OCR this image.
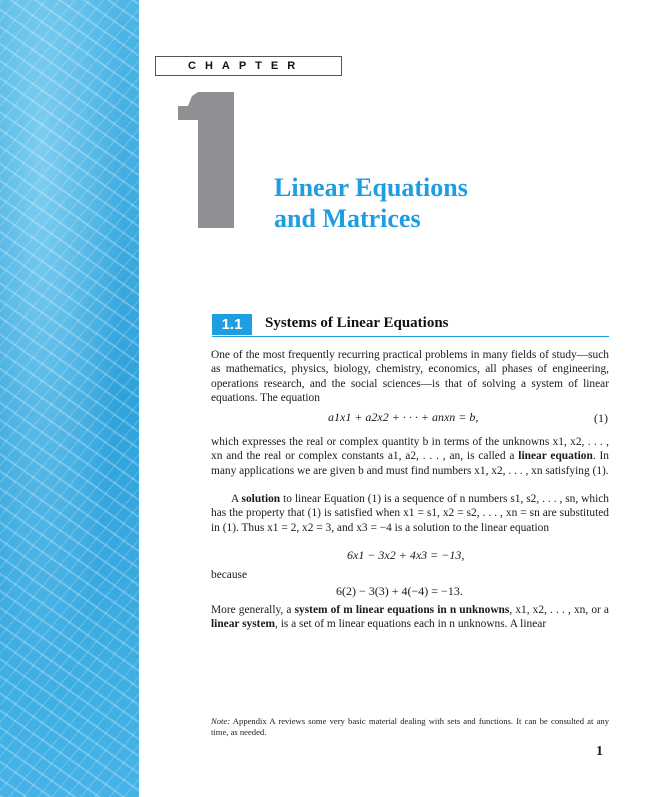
CHAPTER
Linear Equations
and Matrices
1.1	Systems of Linear Equations

One of the most frequently recurring practical problems in many fields of study—such as mathematics, physics, biology, chemistry, economics, all phases of engineering, operations research, and the social sciences—is that of solving a system of linear equations. The equation

a1x1 + a2x2 + · · · + anxn = b,	(1)

which expresses the real or complex quantity b in terms of the unknowns x1, x2, . . . , xn and the real or complex constants a1, a2, . . . , an, is called a linear equation. In many applications we are given b and must find numbers x1, x2, . . . , xn satisfying (1).

A solution to linear Equation (1) is a sequence of n numbers s1, s2, . . . , sn, which has the property that (1) is satisfied when x1 = s1, x2 = s2, . . . , xn = sn are substituted in (1). Thus x1 = 2, x2 = 3, and x3 = −4 is a solution to the linear equation

6x1 − 3x2 + 4x3 = −13,
because
6(2) − 3(3) + 4(−4) = −13.

More generally, a system of m linear equations in n unknowns, x1, x2, . . . , xn, or a linear system, is a set of m linear equations each in n unknowns. A linear

Note: Appendix A reviews some very basic material dealing with sets and functions. It can be consulted at any time, as needed.

1
